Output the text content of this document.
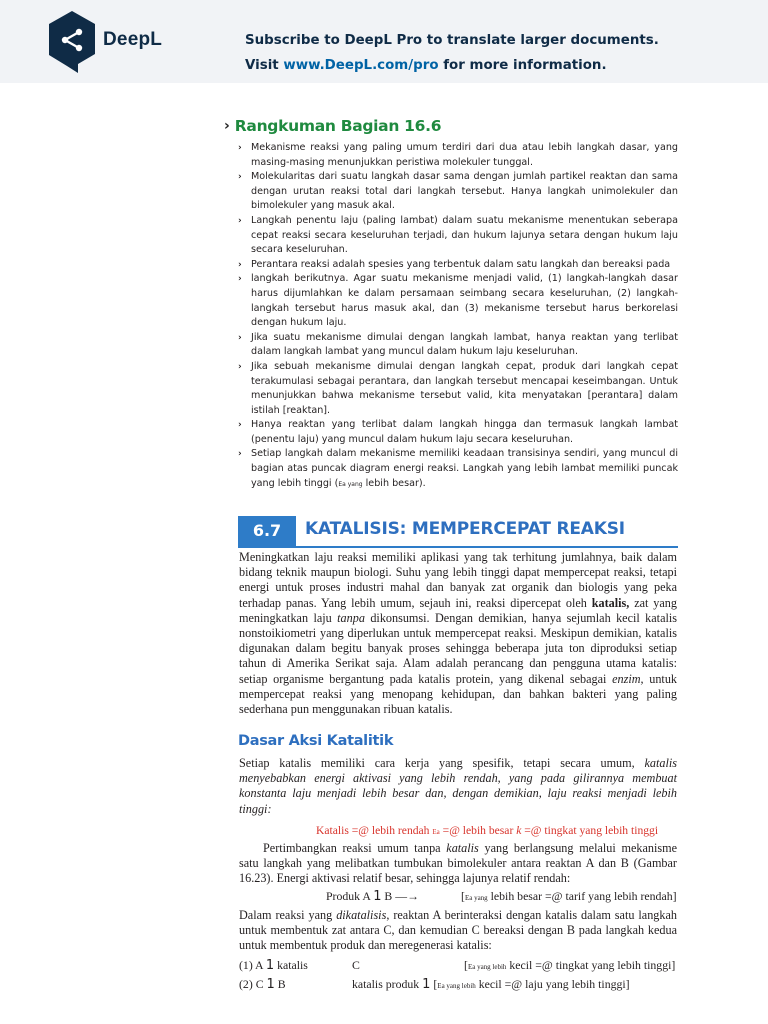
DeepL	Subscribe to DeepL Pro to translate larger documents.
Visit www.DeepL.com/pro for more information.
› Rangkuman Bagian 16.6
› Mekanisme reaksi yang paling umum terdiri dari dua atau lebih langkah dasar, yang masing-masing menunjukkan peristiwa molekuler tunggal.
› Molekularitas dari suatu langkah dasar sama dengan jumlah partikel reaktan dan sama dengan urutan reaksi total dari langkah tersebut. Hanya langkah unimolekuler dan bimolekuler yang masuk akal.
› Langkah penentu laju (paling lambat) dalam suatu mekanisme menentukan seberapa cepat reaksi secara keseluruhan terjadi, dan hukum lajunya setara dengan hukum laju secara keseluruhan.
› Perantara reaksi adalah spesies yang terbentuk dalam satu langkah dan bereaksi pada
› langkah berikutnya. Agar suatu mekanisme menjadi valid, (1) langkah-langkah dasar harus dijumlahkan ke dalam persamaan seimbang secara keseluruhan, (2) langkah-langkah tersebut harus masuk akal, dan (3) mekanisme tersebut harus berkorelasi dengan hukum laju.
› Jika suatu mekanisme dimulai dengan langkah lambat, hanya reaktan yang terlibat dalam langkah lambat yang muncul dalam hukum laju keseluruhan.
› Jika sebuah mekanisme dimulai dengan langkah cepat, produk dari langkah cepat terakumulasi sebagai perantara, dan langkah tersebut mencapai keseimbangan. Untuk menunjukkan bahwa mekanisme tersebut valid, kita menyatakan [perantara] dalam istilah [reaktan].
› Hanya reaktan yang terlibat dalam langkah hingga dan termasuk langkah lambat (penentu laju) yang muncul dalam hukum laju secara keseluruhan.
› Setiap langkah dalam mekanisme memiliki keadaan transisinya sendiri, yang muncul di bagian atas puncak diagram energi reaksi. Langkah yang lebih lambat memiliki puncak yang lebih tinggi (Ea yang lebih besar).
6.7	KATALISIS: MEMPERCEPAT REAKSI
Meningkatkan laju reaksi memiliki aplikasi yang tak terhitung jumlahnya, baik dalam bidang teknik maupun biologi. Suhu yang lebih tinggi dapat mempercepat reaksi, tetapi energi untuk proses industri mahal dan banyak zat organik dan biologis yang peka terhadap panas. Yang lebih umum, sejauh ini, reaksi dipercepat oleh katalis, zat yang meningkatkan laju tanpa dikonsumsi. Dengan demikian, hanya sejumlah kecil katalis nonstoikiometri yang diperlukan untuk mempercepat reaksi. Meskipun demikian, katalis digunakan dalam begitu banyak proses sehingga beberapa juta ton diproduksi setiap tahun di Amerika Serikat saja. Alam adalah perancang dan pengguna utama katalis: setiap organisme bergantung pada katalis protein, yang dikenal sebagai enzim, untuk mempercepat reaksi yang menopang kehidupan, dan bahkan bakteri yang paling sederhana pun menggunakan ribuan katalis.
Dasar Aksi Katalitik
Setiap katalis memiliki cara kerja yang spesifik, tetapi secara umum, katalis menyebabkan energi aktivasi yang lebih rendah, yang pada gilirannya membuat konstanta laju menjadi lebih besar dan, dengan demikian, laju reaksi menjadi lebih tinggi:
Katalis =@ lebih rendah Ea =@ lebih besar k =@ tingkat yang lebih tinggi
Pertimbangkan reaksi umum tanpa katalis yang berlangsung melalui mekanisme satu langkah yang melibatkan tumbukan bimolekuler antara reaktan A dan B (Gambar 16.23). Energi aktivasi relatif besar, sehingga lajunya relatif rendah:
Produk A 1 B —→	[Ea yang lebih besar =@ tarif yang lebih rendah]
Dalam reaksi yang dikatalisis, reaktan A berinteraksi dengan katalis dalam satu langkah untuk membentuk zat antara C, dan kemudian C bereaksi dengan B pada langkah kedua untuk membentuk produk dan meregenerasi katalis:
(1) A 1 katalis	C	[Ea yang lebih kecil =@ tingkat yang lebih tinggi]
(2) C 1 B	katalis produk 1 [Ea yang lebih kecil =@ laju yang lebih tinggi]
